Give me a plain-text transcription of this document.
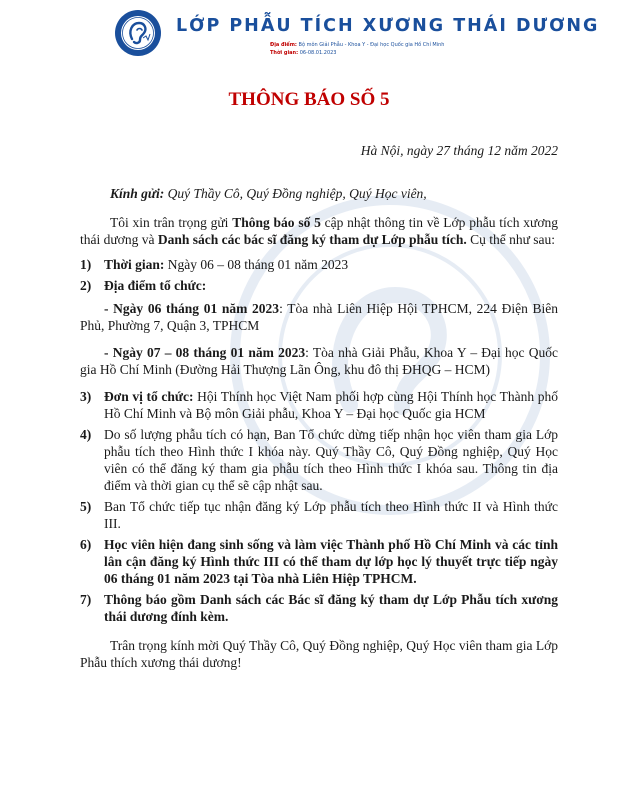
LỚP PHẪU TÍCH XƯƠNG THÁI DƯƠNG
Địa điểm: Bộ môn Giải Phẫu - Khoa Y - Đại học Quốc gia Hồ Chí Minh
Thời gian: 06-08.01.2023
THÔNG BÁO SỐ 5
Hà Nội, ngày 27 tháng 12 năm 2022

Kính gửi: Quý Thầy Cô, Quý Đồng nghiệp, Quý Học viên,

Tôi xin trân trọng gửi Thông báo số 5 cập nhật thông tin về Lớp phẫu tích xương thái dương và Danh sách các bác sĩ đăng ký tham dự Lớp phẫu tích. Cụ thể như sau:

1) Thời gian: Ngày 06 – 08 tháng 01 năm 2023
2) Địa điểm tổ chức:

- Ngày 06 tháng 01 năm 2023: Tòa nhà Liên Hiệp Hội TPHCM, 224 Điện Biên Phủ, Phường 7, Quận 3, TPHCM

- Ngày 07 – 08 tháng 01 năm 2023: Tòa nhà Giải Phẫu, Khoa Y – Đại học Quốc gia Hồ Chí Minh (Đường Hải Thượng Lãn Ông, khu đô thị ĐHQG – HCM)

3) Đơn vị tổ chức: Hội Thính học Việt Nam phối hợp cùng Hội Thính học Thành phố Hồ Chí Minh và Bộ môn Giải phẫu, Khoa Y – Đại học Quốc gia HCM
4) Do số lượng phẫu tích có hạn, Ban Tổ chức dừng tiếp nhận học viên tham gia Lớp phẫu tích theo Hình thức I khóa này. Quý Thầy Cô, Quý Đồng nghiệp, Quý Học viên có thể đăng ký tham gia phẫu tích theo Hình thức I khóa sau. Thông tin địa điểm và thời gian cụ thể sẽ cập nhật sau.
5) Ban Tổ chức tiếp tục nhận đăng ký Lớp phẫu tích theo Hình thức II và Hình thức III.
6) Học viên hiện đang sinh sống và làm việc Thành phố Hồ Chí Minh và các tỉnh lân cận đăng ký Hình thức III có thể tham dự lớp học lý thuyết trực tiếp ngày 06 tháng 01 năm 2023 tại Tòa nhà Liên Hiệp TPHCM.
7) Thông báo gồm Danh sách các Bác sĩ đăng ký tham dự Lớp Phẫu tích xương thái dương đính kèm.

Trân trọng kính mời Quý Thầy Cô, Quý Đồng nghiệp, Quý Học viên tham gia Lớp Phẫu thích xương thái dương!
